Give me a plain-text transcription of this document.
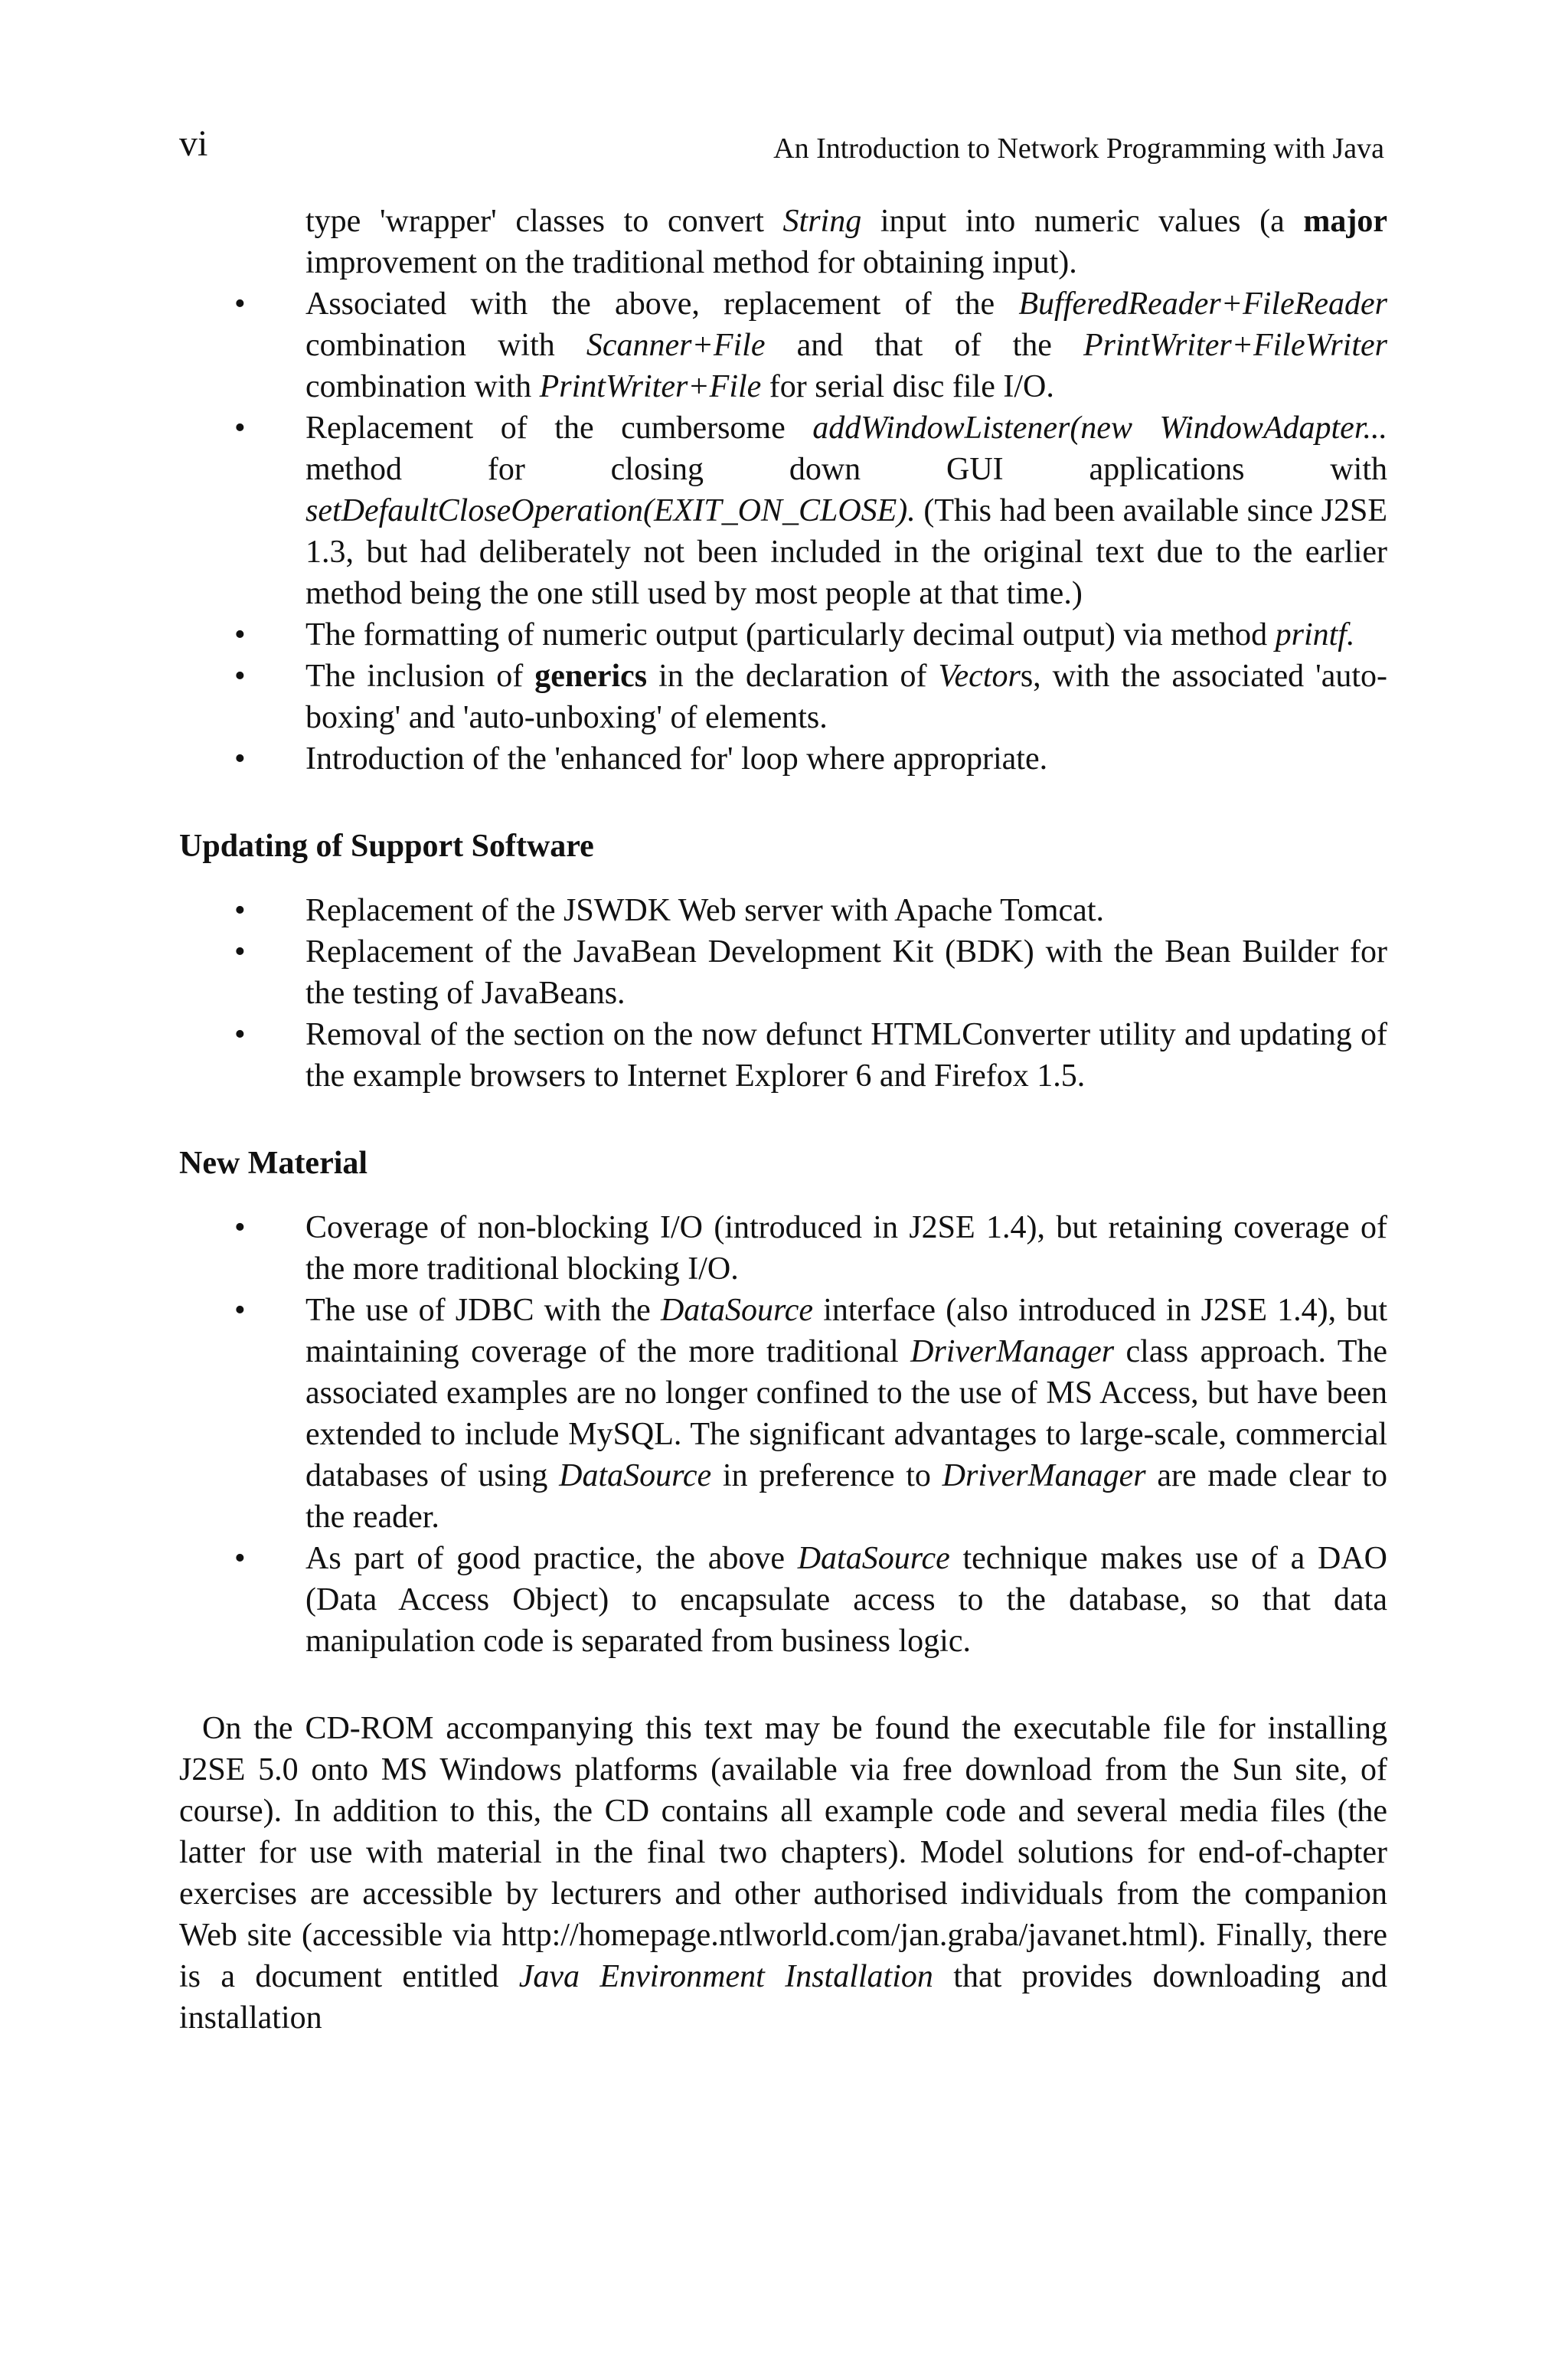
vi	An Introduction to Network Programming with Java

type 'wrapper' classes to convert String input into numeric values (a major improvement on the traditional method for obtaining input).

• Associated with the above, replacement of the BufferedReader+FileReader combination with Scanner+File and that of the PrintWriter+FileWriter combination with PrintWriter+File for serial disc file I/O.
• Replacement of the cumbersome addWindowListener(new WindowAdapter... method for closing down GUI applications with setDefaultCloseOperation(EXIT_ON_CLOSE). (This had been available since J2SE 1.3, but had deliberately not been included in the original text due to the earlier method being the one still used by most people at that time.)
• The formatting of numeric output (particularly decimal output) via method printf.
• The inclusion of generics in the declaration of Vectors, with the associated 'auto-boxing' and 'auto-unboxing' of elements.
• Introduction of the 'enhanced for' loop where appropriate.
Updating of Support Software
• Replacement of the JSWDK Web server with Apache Tomcat.
• Replacement of the JavaBean Development Kit (BDK) with the Bean Builder for the testing of JavaBeans.
• Removal of the section on the now defunct HTMLConverter utility and updating of the example browsers to Internet Explorer 6 and Firefox 1.5.
New Material
• Coverage of non-blocking I/O (introduced in J2SE 1.4), but retaining coverage of the more traditional blocking I/O.
• The use of JDBC with the DataSource interface (also introduced in J2SE 1.4), but maintaining coverage of the more traditional DriverManager class approach. The associated examples are no longer confined to the use of MS Access, but have been extended to include MySQL. The significant advantages to large-scale, commercial databases of using DataSource in preference to DriverManager are made clear to the reader.
• As part of good practice, the above DataSource technique makes use of a DAO (Data Access Object) to encapsulate access to the database, so that data manipulation code is separated from business logic.

On the CD-ROM accompanying this text may be found the executable file for installing J2SE 5.0 onto MS Windows platforms (available via free download from the Sun site, of course). In addition to this, the CD contains all example code and several media files (the latter for use with material in the final two chapters). Model solutions for end-of-chapter exercises are accessible by lecturers and other authorised individuals from the companion Web site (accessible via http://homepage.ntlworld.com/jan.graba/javanet.html). Finally, there is a document entitled Java Environment Installation that provides downloading and installation
